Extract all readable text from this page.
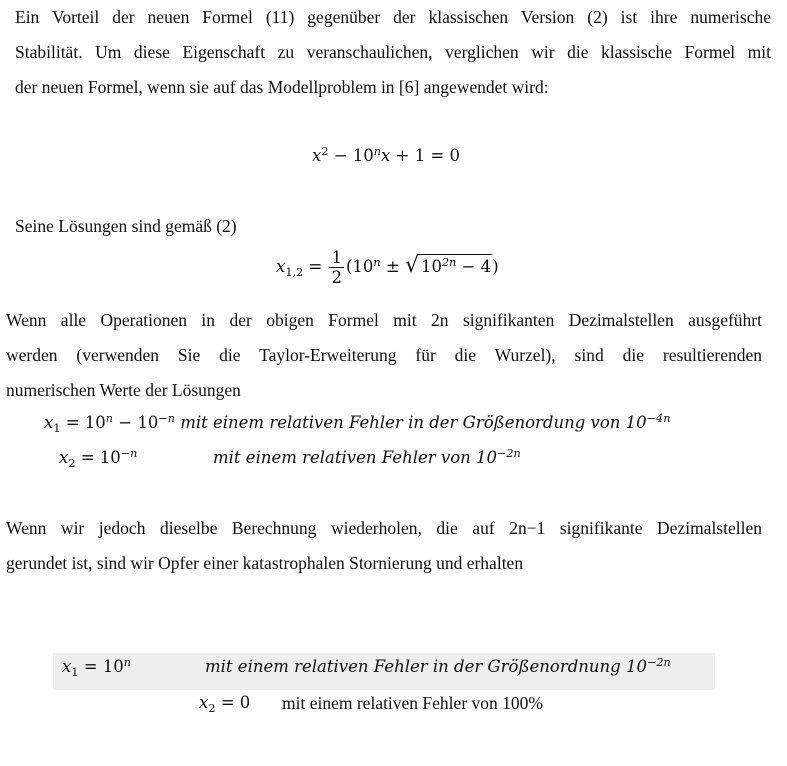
Ein Vorteil der neuen Formel (11) gegenüber der klassischen Version (2) ist ihre numerische
Stabilität. Um diese Eigenschaft zu veranschaulichen, verglichen wir die klassische Formel mit
der neuen Formel, wenn sie auf das Modellproblem in [6] angewendet wird:
$x^2 - 10^nx + 1 = 0$
Seine Lösungen sind gemäß (2)
$x_{1,2} = \frac{1}{2} (10^n$ ± √ $10^{2n} - 4$)
Wenn alle Operationen in der obigen Formel mit 2n signifikanten Dezimalstellen ausgeführt
werden (verwenden Sie die Taylor-Erweiterung für die Wurzel), sind die resultierenden
numerischen Werte der Lösungen
$x_1 = 10^n - 10^{-n}$ mit einem relativen Fehler in der Größenordung von $10^{-4n}$
$x_2 = 10^{-n}$	mit einem relativen Fehler von $10^{-2n}$
Wenn wir jedoch dieselbe Berechnung wiederholen, die auf 2n−1 signifikante Dezimalstellen
gerundet ist, sind wir Opfer einer katastrophalen Stornierung und erhalten
$x_1 = 10^n$	mit einem relativen Fehler in der Größenordnung $10^{-2n}$
$x_2 = 0$ mit einem relativen Fehler von 100%
